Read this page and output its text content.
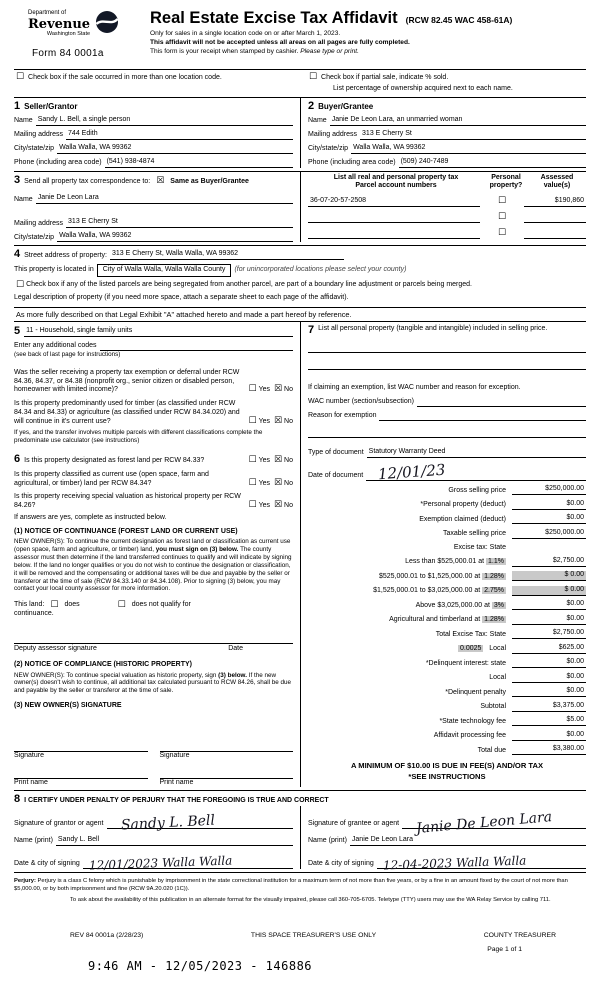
Department of
Revenue
Washington State
Form 84 0001a
Real Estate Excise Tax Affidavit (RCW 82.45 WAC 458-61A)
Only for sales in a single location code on or after March 1, 2023.
This affidavit will not be accepted unless all areas on all pages are fully completed.
This form is your receipt when stamped by cashier. Please type or print.
☐ Check box if the sale occurred in more than one location code.	☐ Check box if partial sale, indicate % sold.
List percentage of ownership acquired next to each name.
1 Seller/Grantor
Name Sandy L. Bell, a single person
Mailing address 744 Edith
City/state/zip Walla Walla, WA 99362
Phone (including area code) (541) 938-4874
2 Buyer/Grantee
Name Janie De Leon Lara, an unmarried woman
Mailing address 313 E Cherry St
City/state/zip Walla Walla, WA 99362
Phone (including area code) (509) 240-7489
3 Send all property tax correspondence to: ☒ Same as Buyer/Grantee
Name Janie De Leon Lara
Mailing address 313 E Cherry St
City/state/zip Walla Walla, WA 99362
List all real and personal property tax
Parcel account numbers
Personal
property?
Assessed
value(s)
36-07-20-57-2508	☐	$190,860
☐
☐
4 Street address of property: 313 E Cherry St, Walla Walla, WA 99362
This property is located in	City of Walla Walla, Walla Walla County	(for unincorporated locations please select your county)
☐ Check box if any of the listed parcels are being segregated from another parcel, are part of a boundary line adjustment or parcels being merged.
Legal description of property (if you need more space, attach a separate sheet to each page of the affidavit).
As more fully described on that Legal Exhibit "A" attached hereto and made a part hereof by reference.
5 11 - Household, single family units
Enter any additional codes
(see back of last page for instructions)
Was the seller receiving a property tax exemption or deferral under RCW 84.36, 84.37, or 84.38 (nonprofit org., senior citizen or disabled person, homeowner with limited income)?	☐ Yes ☒ No
Is this property predominantly used for timber (as classified under RCW 84.34 and 84.33) or agriculture (as classified under RCW 84.34.020) and will continue in it's current use?	☐ Yes ☒ No
If yes, and the transfer involves multiple parcels with different classifications complete the predominate use calculator (see instructions)
6 Is this property designated as forest land per RCW 84.33?	☐ Yes ☒ No
Is this property classified as current use (open space, farm and agricultural, or timber) land per RCW 84.34?	☐ Yes ☒ No
Is this property receiving special valuation as historical property per RCW 84.26?	☐ Yes ☒ No
If answers are yes, complete as instructed below.
(1) NOTICE OF CONTINUANCE (FOREST LAND OR CURRENT USE)
NEW OWNER(S): To continue the current designation as forest land or classification as current use (open space, farm and agriculture, or timber) land, you must sign on (3) below. The county assessor must then determine if the land transferred continues to qualify and will indicate by signing below. If the land no longer qualifies or you do not wish to continue the designation or classification, it will be removed and the compensating or additional taxes will be due and payable by the seller or transferor at the time of sale (RCW 84.33.140 or 84.34.108). Prior to signing (3) below, you may contact your local county assessor for more information.
This land: ☐ does	☐ does not qualify for
continuance.
Deputy assessor signature	Date
(2) NOTICE OF COMPLIANCE (HISTORIC PROPERTY)
NEW OWNER(S): To continue special valuation as historic property, sign (3) below. If the new owner(s) doesn't wish to continue, all additional tax calculated pursuant to RCW 84.26, shall be due and payable by the seller or transferor at the time of sale.
(3) NEW OWNER(S) SIGNATURE
Signature	Signature
Print name	Print name
7 List all personal property (tangible and intangible) included in selling price.
If claiming an exemption, list WAC number and reason for exception.
WAC number (section/subsection)
Reason for exemption
Type of document Statutory Warranty Deed
Date of document 12/01/23
Gross selling price	$250,000.00
*Personal property (deduct)	$0.00
Exemption claimed (deduct)	$0.00
Taxable selling price	$250,000.00
Excise tax: State
Less than $525,000.01 at 1.1%	$2,750.00
$525,000.01 to $1,525,000.00 at 1.28%	$ 0.00
$1,525,000.01 to $3,025,000.00 at 2.75%	$ 0.00
Above $3,025,000.00 at 3%	$0.00
Agricultural and timberland at 1.28%	$0.00
Total Excise Tax: State	$2,750.00
0.0025 Local	$625.00
*Delinquent interest: state	$0.00
Local	$0.00
*Delinquent penalty	$0.00
Subtotal	$3,375.00
*State technology fee	$5.00
Affidavit processing fee	$0.00
Total due	$3,380.00
A MINIMUM OF $10.00 IS DUE IN FEE(S) AND/OR TAX
*SEE INSTRUCTIONS
8 I CERTIFY UNDER PENALTY OF PERJURY THAT THE FOREGOING IS TRUE AND CORRECT
Signature of grantor or agent Sandy L. Bell
Name (print) Sandy L. Bell
Date & city of signing 12/01/2023 Walla Walla
Signature of grantee or agent Janie De Leon Lara
Name (print) Janie De Leon Lara
Date & city of signing 12-04-2023 Walla Walla
Perjury: Perjury is a class C felony which is punishable by imprisonment in the state correctional institution for a maximum term of not more than five years, or by a fine in an amount fixed by the court of not more than $5,000.00, or by both imprisonment and fine (RCW 9A.20.020 (1C)).
To ask about the availability of this publication in an alternate format for the visually impaired, please call 360-705-6705. Teletype (TTY) users may use the WA Relay Service by calling 711.
REV 84 0001a (2/28/23)	THIS SPACE TREASURER'S USE ONLY	COUNTY TREASURER
Page 1 of 1
9:46 AM - 12/05/2023 - 146886
